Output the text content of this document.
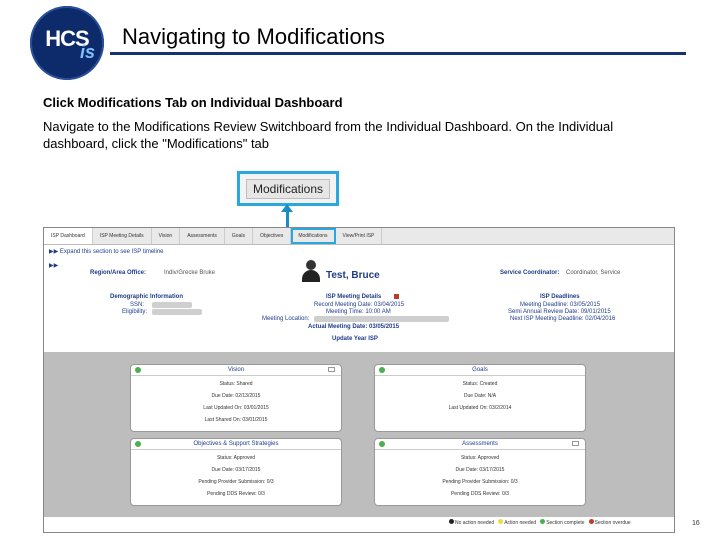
HCS
is
Navigating to Modifications
Click Modifications Tab on Individual Dashboard
Navigate to the Modifications Review Switchboard from the Individual Dashboard. On the Individual dashboard, click the "Modifications" tab
Modifications
ISP Dashboard	ISP Meeting Details	Vision	Assessments	Goals	Objectives	Modifications	View/Print ISP
▶▶ Expand this section to see ISP timeline
▶▶
Region/Area Office:	Indiv/Grecke Bruke	Test, Bruce	Service Coordinator: Coordinator, Service
Demographic Information
SSN:
Eligibility:
ISP Meeting Details
Record Meeting Date: 03/04/2015
Meeting Time: 10:00 AM
Meeting Location:
Actual Meeting Date: 03/05/2015
Update Year ISP
ISP Deadlines
Meeting Deadline: 03/05/2015
Semi Annual Review Date: 09/01/2015
Next ISP Meeting Deadline: 02/04/2016
Vision
Status: Shared
Due Date: 02/13/2015
Last Updated On: 03/01/2015
Last Shared On: 03/01/2015
Goals
Status: Created
Due Date: N/A
Last Updated On: 03/2/2014
Objectives & Support Strategies
Status: Approved
Due Date: 03/17/2015
Pending Provider Submission: 0/3
Pending DDS Review: 0/3
Assessments
Status: Approved
Due Date: 03/17/2015
Pending Provider Submission: 0/3
Pending DDS Review: 0/3
No action needed	Action needed	Section complete	Section overdue	16
